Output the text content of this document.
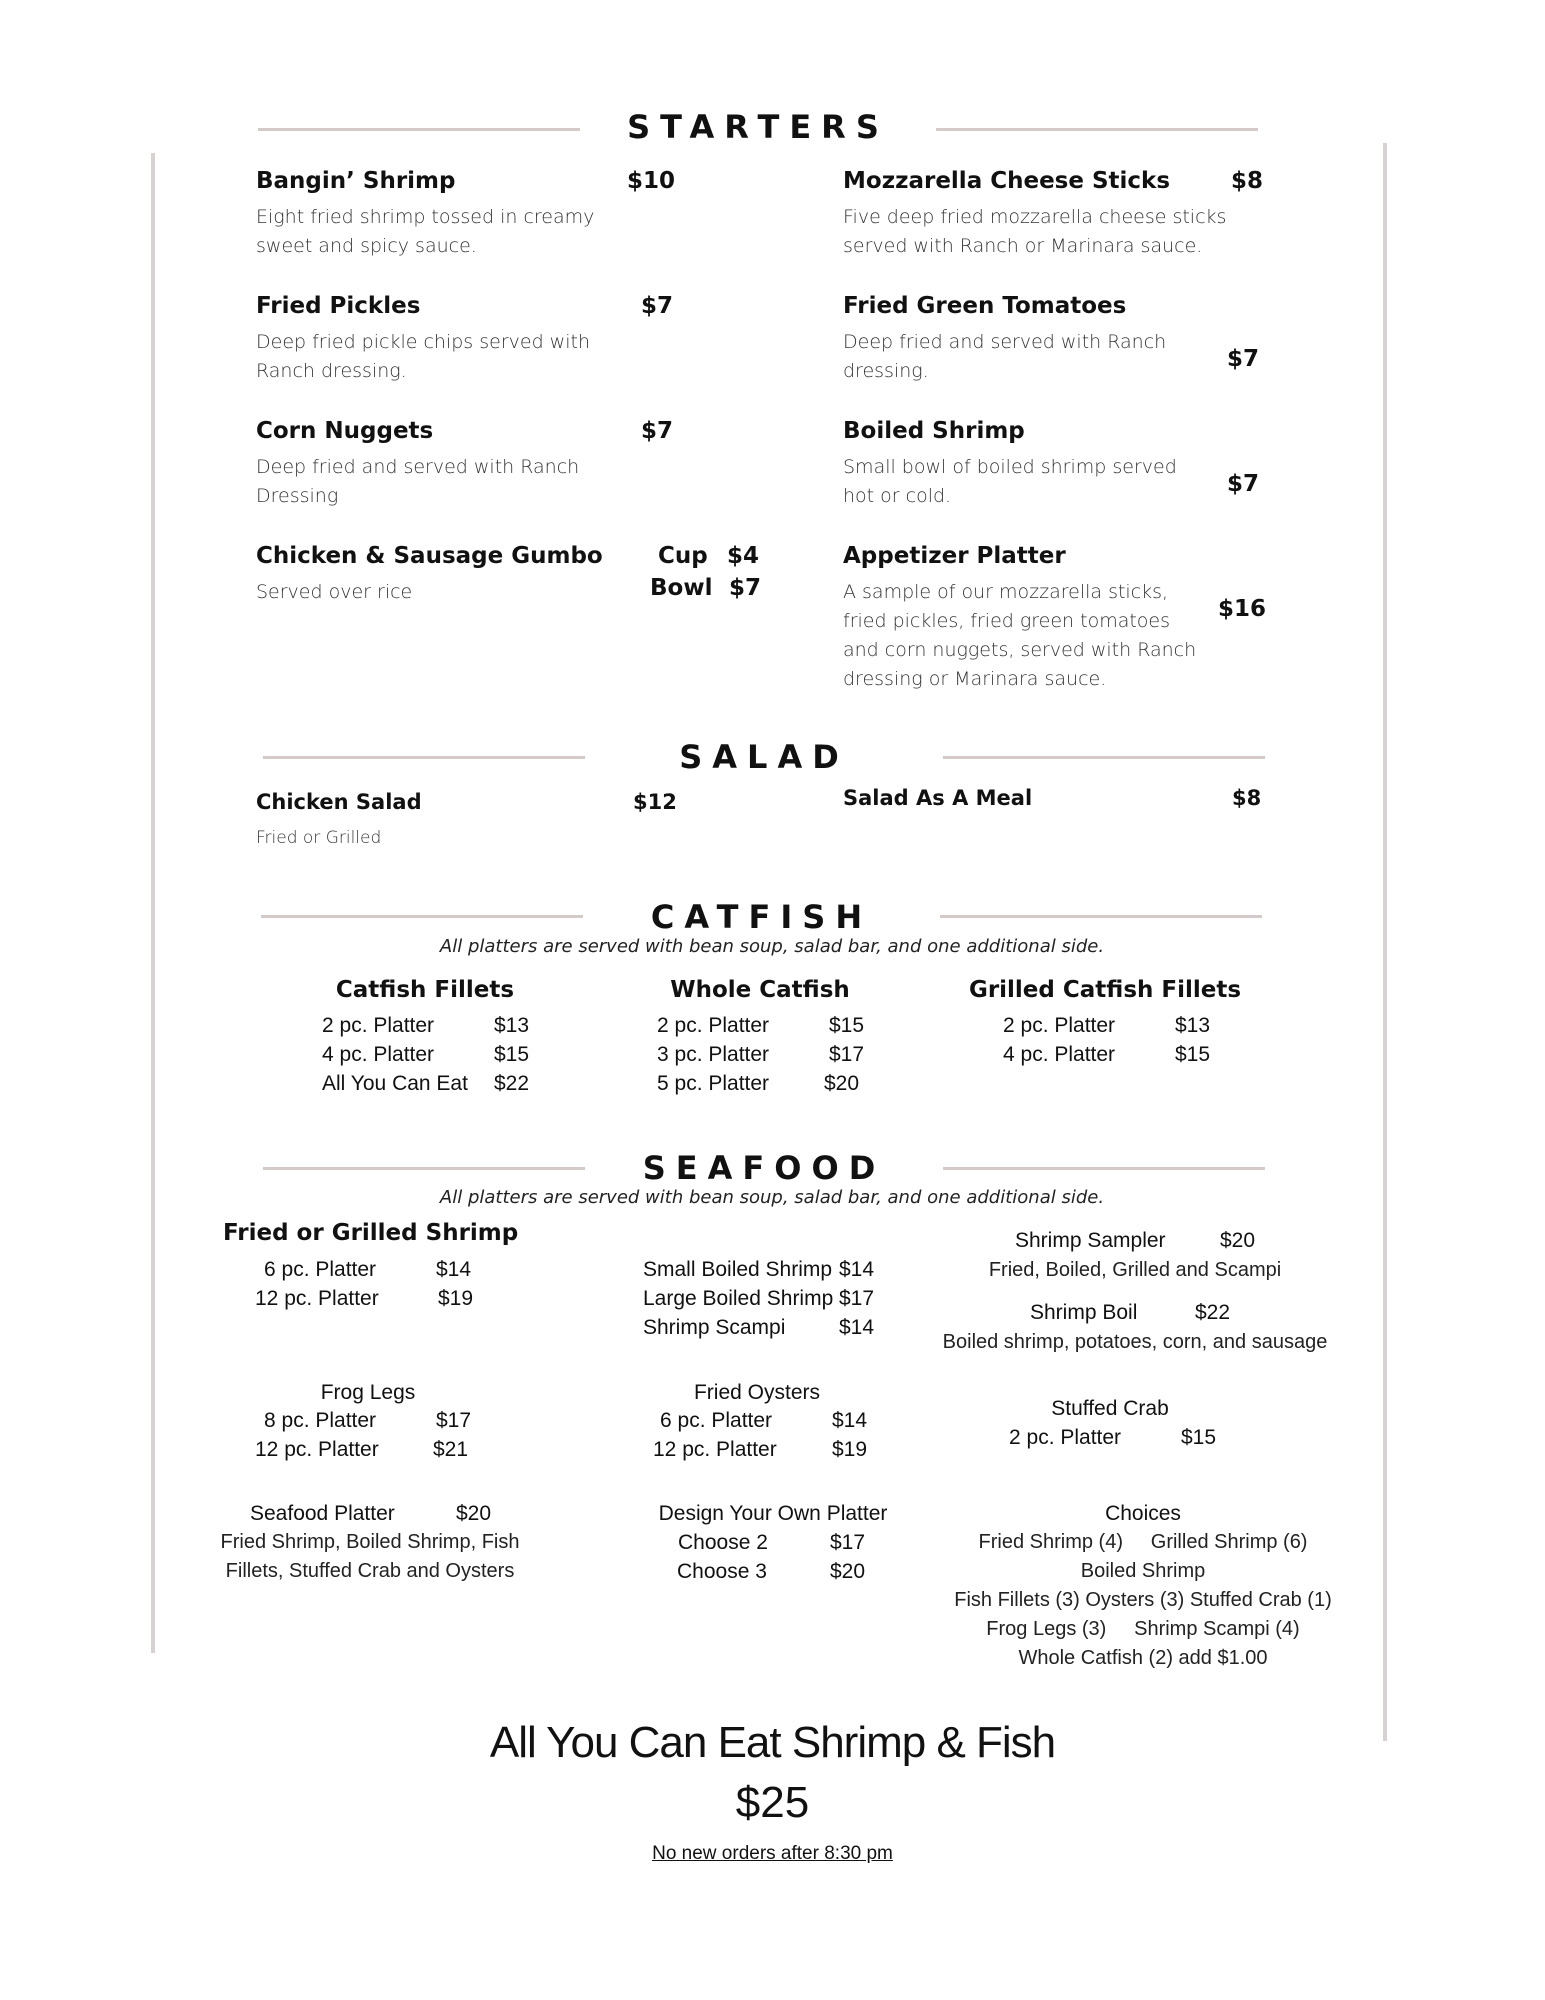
STARTERS
Bangin’ Shrimp	$10
Eight fried shrimp tossed in creamy sweet and spicy sauce.
Mozzarella Cheese Sticks	$8
Five deep fried mozzarella cheese sticks served with Ranch or Marinara sauce.
Fried Pickles	$7
Deep fried pickle chips served with Ranch dressing.
Fried Green Tomatoes
$7
Deep fried and served with Ranch dressing.
Corn Nuggets	$7
Deep fried and served with Ranch Dressing
Boiled Shrimp
$7
Small bowl of boiled shrimp served hot or cold.
Chicken & Sausage Gumbo
Served over rice
Cup $4
Bowl $7
Appetizer Platter
$16
A sample of our mozzarella sticks, fried pickles, fried green tomatoes and corn nuggets, served with Ranch dressing or Marinara sauce.
SALAD
Chicken Salad	$12
Fried or Grilled
Salad As A Meal	$8
CATFISH
All platters are served with bean soup, salad bar, and one additional side.
Catfish Fillets
2 pc. Platter	$13
4 pc. Platter	$15
All You Can Eat $22
Whole Catfish
2 pc. Platter	$15
3 pc. Platter	$17
5 pc. Platter	$20
Grilled Catfish Fillets
2 pc. Platter	$13
4 pc. Platter	$15
SEAFOOD
All platters are served with bean soup, salad bar, and one additional side.
Fried or Grilled Shrimp
6 pc. Platter	$14
12 pc. Platter	$19
Small Boiled Shrimp $14
Large Boiled Shrimp $17
Shrimp Scampi	$14
Shrimp Sampler	$20
Fried, Boiled, Grilled and Scampi
Shrimp Boil	$22
Boiled shrimp, potatoes, corn, and sausage
Frog Legs
8 pc. Platter	$17
12 pc. Platter	$21
Fried Oysters
6 pc. Platter	$14
12 pc. Platter	$19
Stuffed Crab
2 pc. Platter	$15
Seafood Platter	$20
Fried Shrimp, Boiled Shrimp, Fish
Fillets, Stuffed Crab and Oysters
Design Your Own Platter
Choose 2	$17
Choose 3	$20
Choices
Fried Shrimp (4)     Grilled Shrimp (6)
Boiled Shrimp
Fish Fillets (3) Oysters (3) Stuffed Crab (1)
Frog Legs (3)     Shrimp Scampi (4)
Whole Catfish (2) add $1.00
All You Can Eat Shrimp & Fish
$25
No new orders after 8:30 pm
